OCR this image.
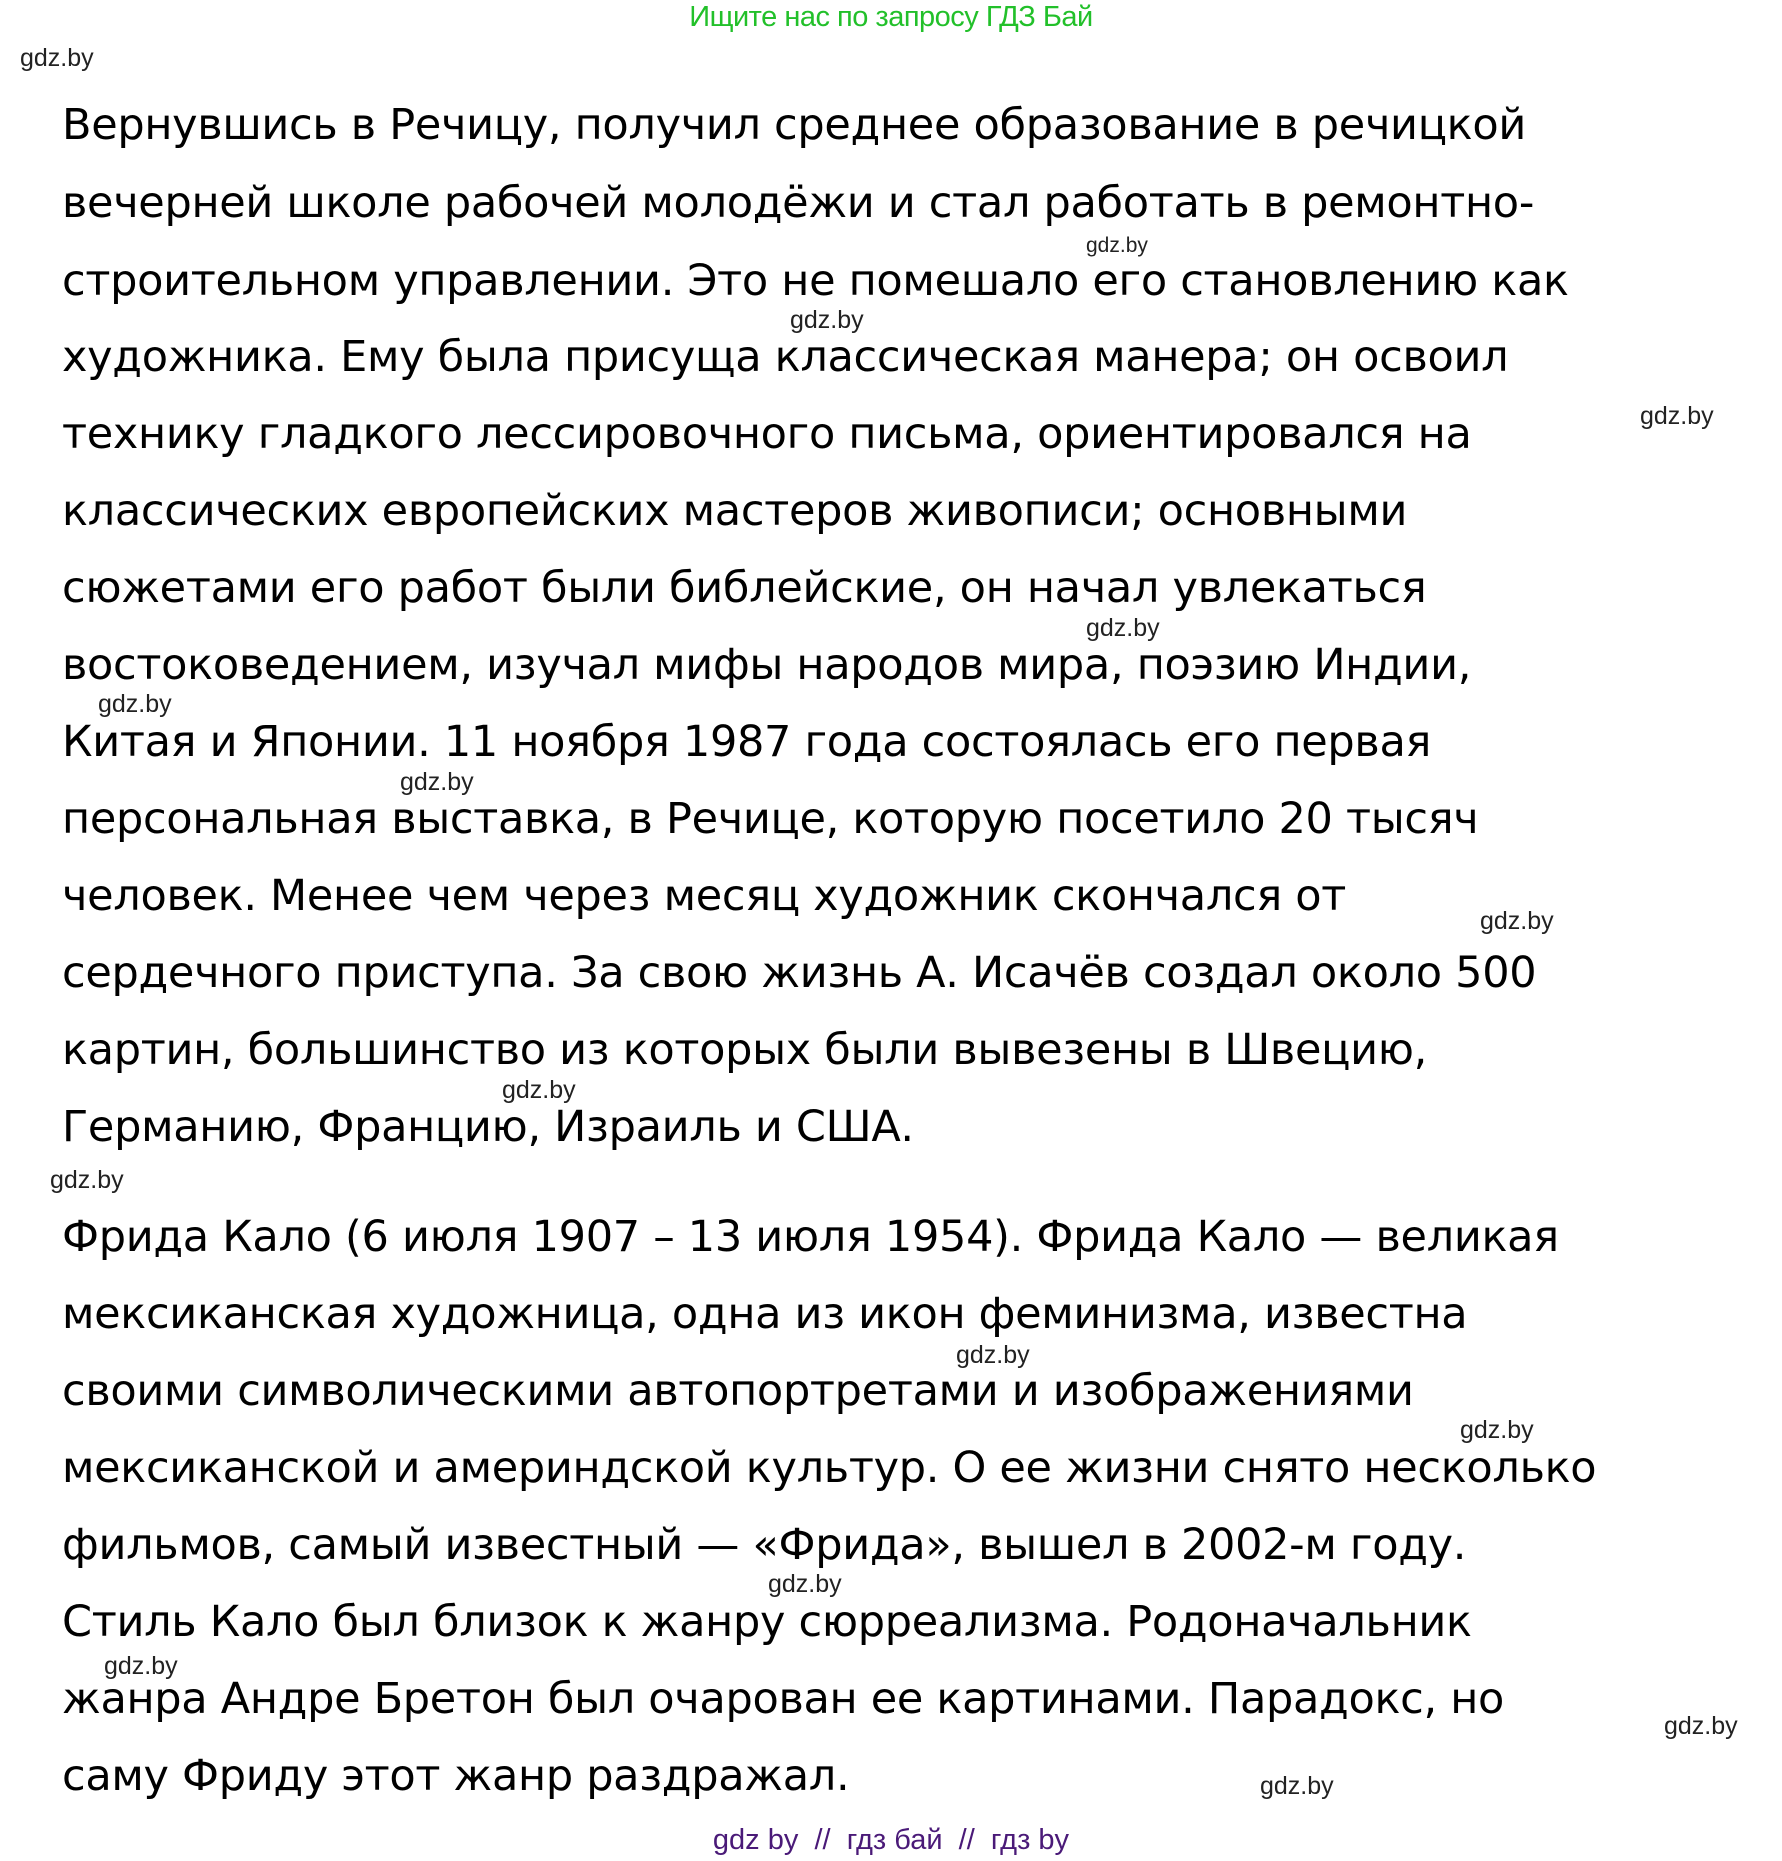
Ищите нас по запросу ГДЗ Бай
gdz.by
gdz.by
gdz.by
gdz.by
gdz.by
gdz.by
gdz.by
gdz.by
gdz.by
gdz.by
gdz.by
gdz.by
gdz.by
gdz.by
gdz.by
gdz.by
Вернувшись в Речицу, получил среднее образование в речицкой
вечерней школе рабочей молодёжи и стал работать в ремонтно-
строительном управлении. Это не помешало его становлению как
художника. Ему была присуща классическая манера; он освоил
технику гладкого лессировочного письма, ориентировался на
классических европейских мастеров живописи; основными
сюжетами его работ были библейские, он начал увлекаться
востоковедением, изучал мифы народов мира, поэзию Индии,
Китая и Японии. 11 ноября 1987 года состоялась его первая
персональная выставка, в Речице, которую посетило 20 тысяч
человек. Менее чем через месяц художник скончался от
сердечного приступа. За свою жизнь А. Исачёв создал около 500
картин, большинство из которых были вывезены в Швецию,
Германию, Францию, Израиль и США.
Фрида Кало (6 июля 1907 – 13 июля 1954). Фрида Кало — великая
мексиканская художница, одна из икон феминизма, известна
своими символическими автопортретами и изображениями
мексиканской и америндской культур. О ее жизни снято несколько
фильмов, самый известный — «Фрида», вышел в 2002-м году.
Стиль Кало был близок к жанру сюрреализма. Родоначальник
жанра Андре Бретон был очарован ее картинами. Парадокс, но
саму Фриду этот жанр раздражал.
gdz by  //  гдз бай  //  гдз by
